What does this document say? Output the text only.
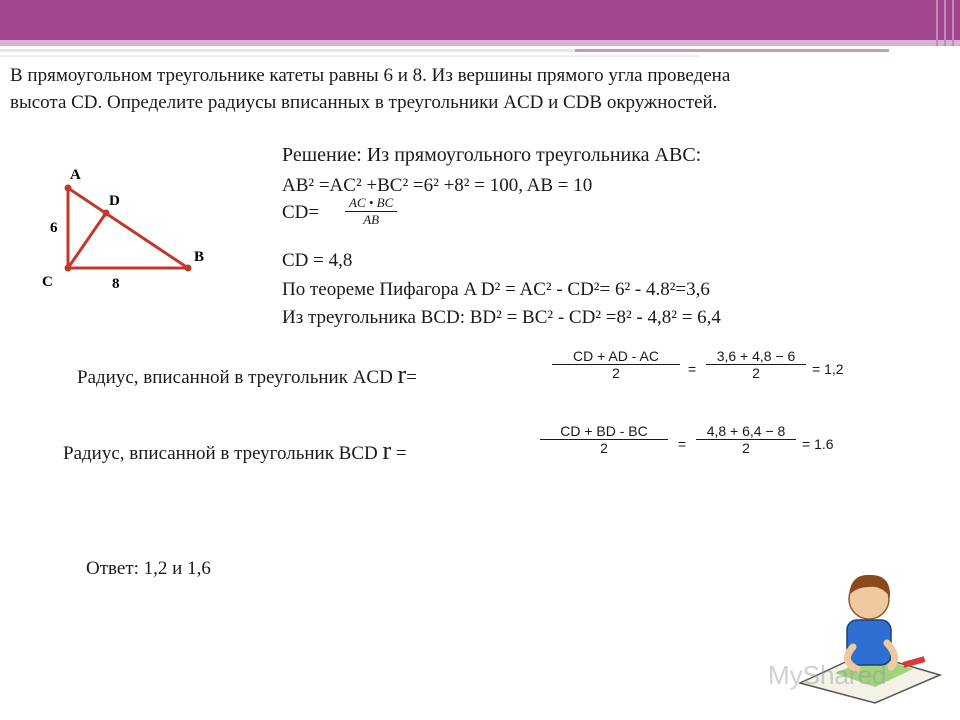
В прямоугольном треугольнике катеты равны 6 и 8. Из вершины прямого угла проведена
высота CD. Определите радиусы вписанных в треугольники ACD и CDB окружностей.
A
D
B
C
6
8
Решение: Из прямоугольного треугольника ABC:
AB² =AC² +BC² =6² +8² = 100, AB = 10
CD=	AC • BC
AB
CD = 4,8
По теореме Пифагора A D² = AC² - CD²= 6² - 4.8²=3,6
Из треугольника BCD: BD² = BC² - CD² =8² - 4,8² = 6,4
Радиус, вписанной в треугольник ACD r=
CD + AD - AC
2	=
3,6 + 4,8 − 6
2	= 1,2
Радиус, вписанной в треугольник BCD r =
CD + BD - BC
2	=
4,8 + 6,4 − 8
2	= 1.6
Ответ: 1,2 и 1,6
MyShared
